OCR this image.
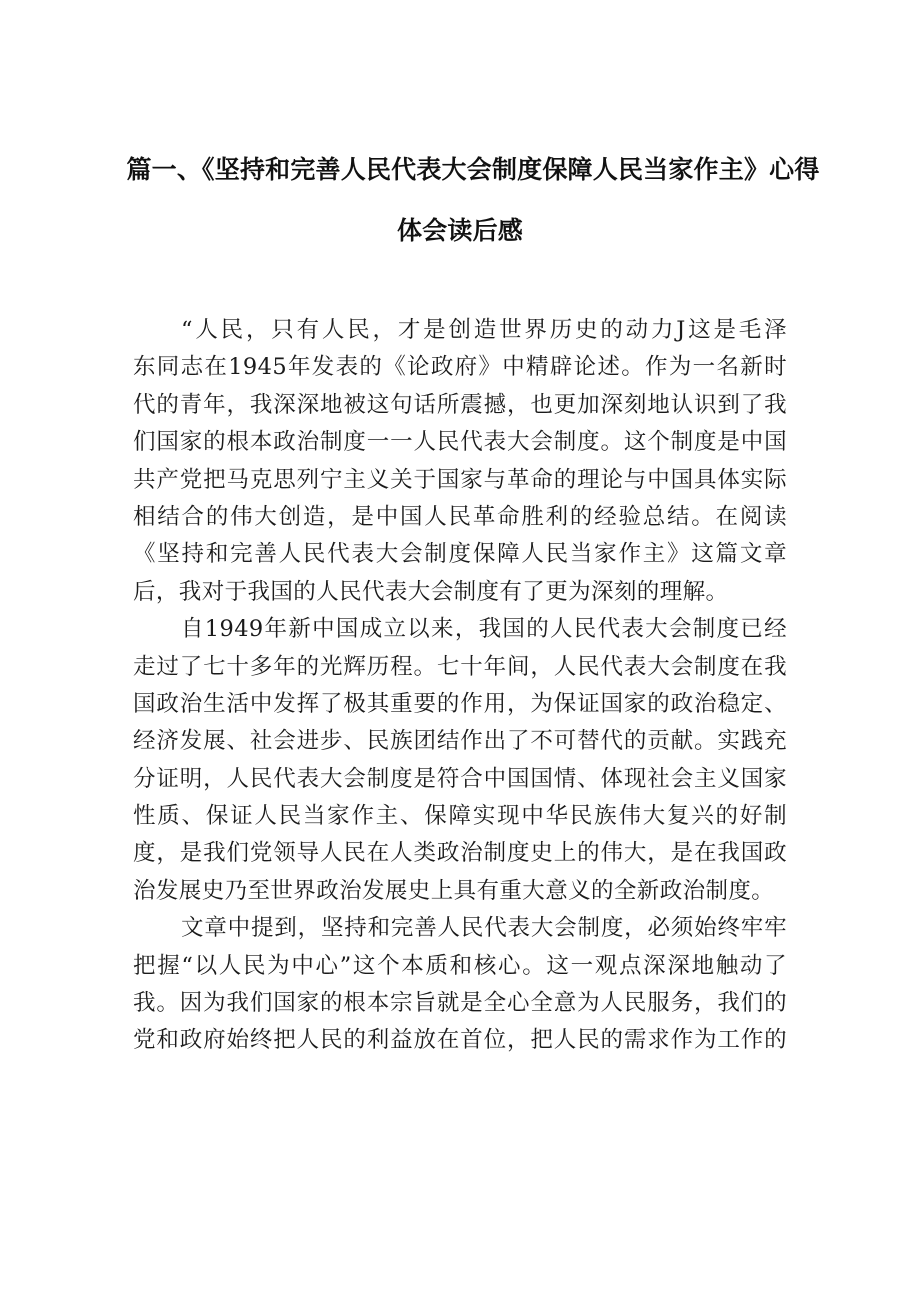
篇一、《坚持和完善人民代表大会制度保障人民当家作主》心得
体会读后感
“人民，只有人民，才是创造世界历史的动力J这是毛泽
东同志在1945年发表的《论政府》中精辟论述。作为一名新时
代的青年，我深深地被这句话所震撼，也更加深刻地认识到了我
们国家的根本政治制度一一人民代表大会制度。这个制度是中国
共产党把马克思列宁主义关于国家与革命的理论与中国具体实际
相结合的伟大创造，是中国人民革命胜利的经验总结。在阅读
《坚持和完善人民代表大会制度保障人民当家作主》这篇文章
后，我对于我国的人民代表大会制度有了更为深刻的理解。
自1949年新中国成立以来，我国的人民代表大会制度已经
走过了七十多年的光辉历程。七十年间，人民代表大会制度在我
国政治生活中发挥了极其重要的作用，为保证国家的政治稳定、
经济发展、社会进步、民族团结作出了不可替代的贡献。实践充
分证明，人民代表大会制度是符合中国国情、体现社会主义国家
性质、保证人民当家作主、保障实现中华民族伟大复兴的好制
度，是我们党领导人民在人类政治制度史上的伟大，是在我国政
治发展史乃至世界政治发展史上具有重大意义的全新政治制度。
文章中提到，坚持和完善人民代表大会制度，必须始终牢牢
把握“以人民为中心”这个本质和核心。这一观点深深地触动了
我。因为我们国家的根本宗旨就是全心全意为人民服务，我们的
党和政府始终把人民的利益放在首位，把人民的需求作为工作的
